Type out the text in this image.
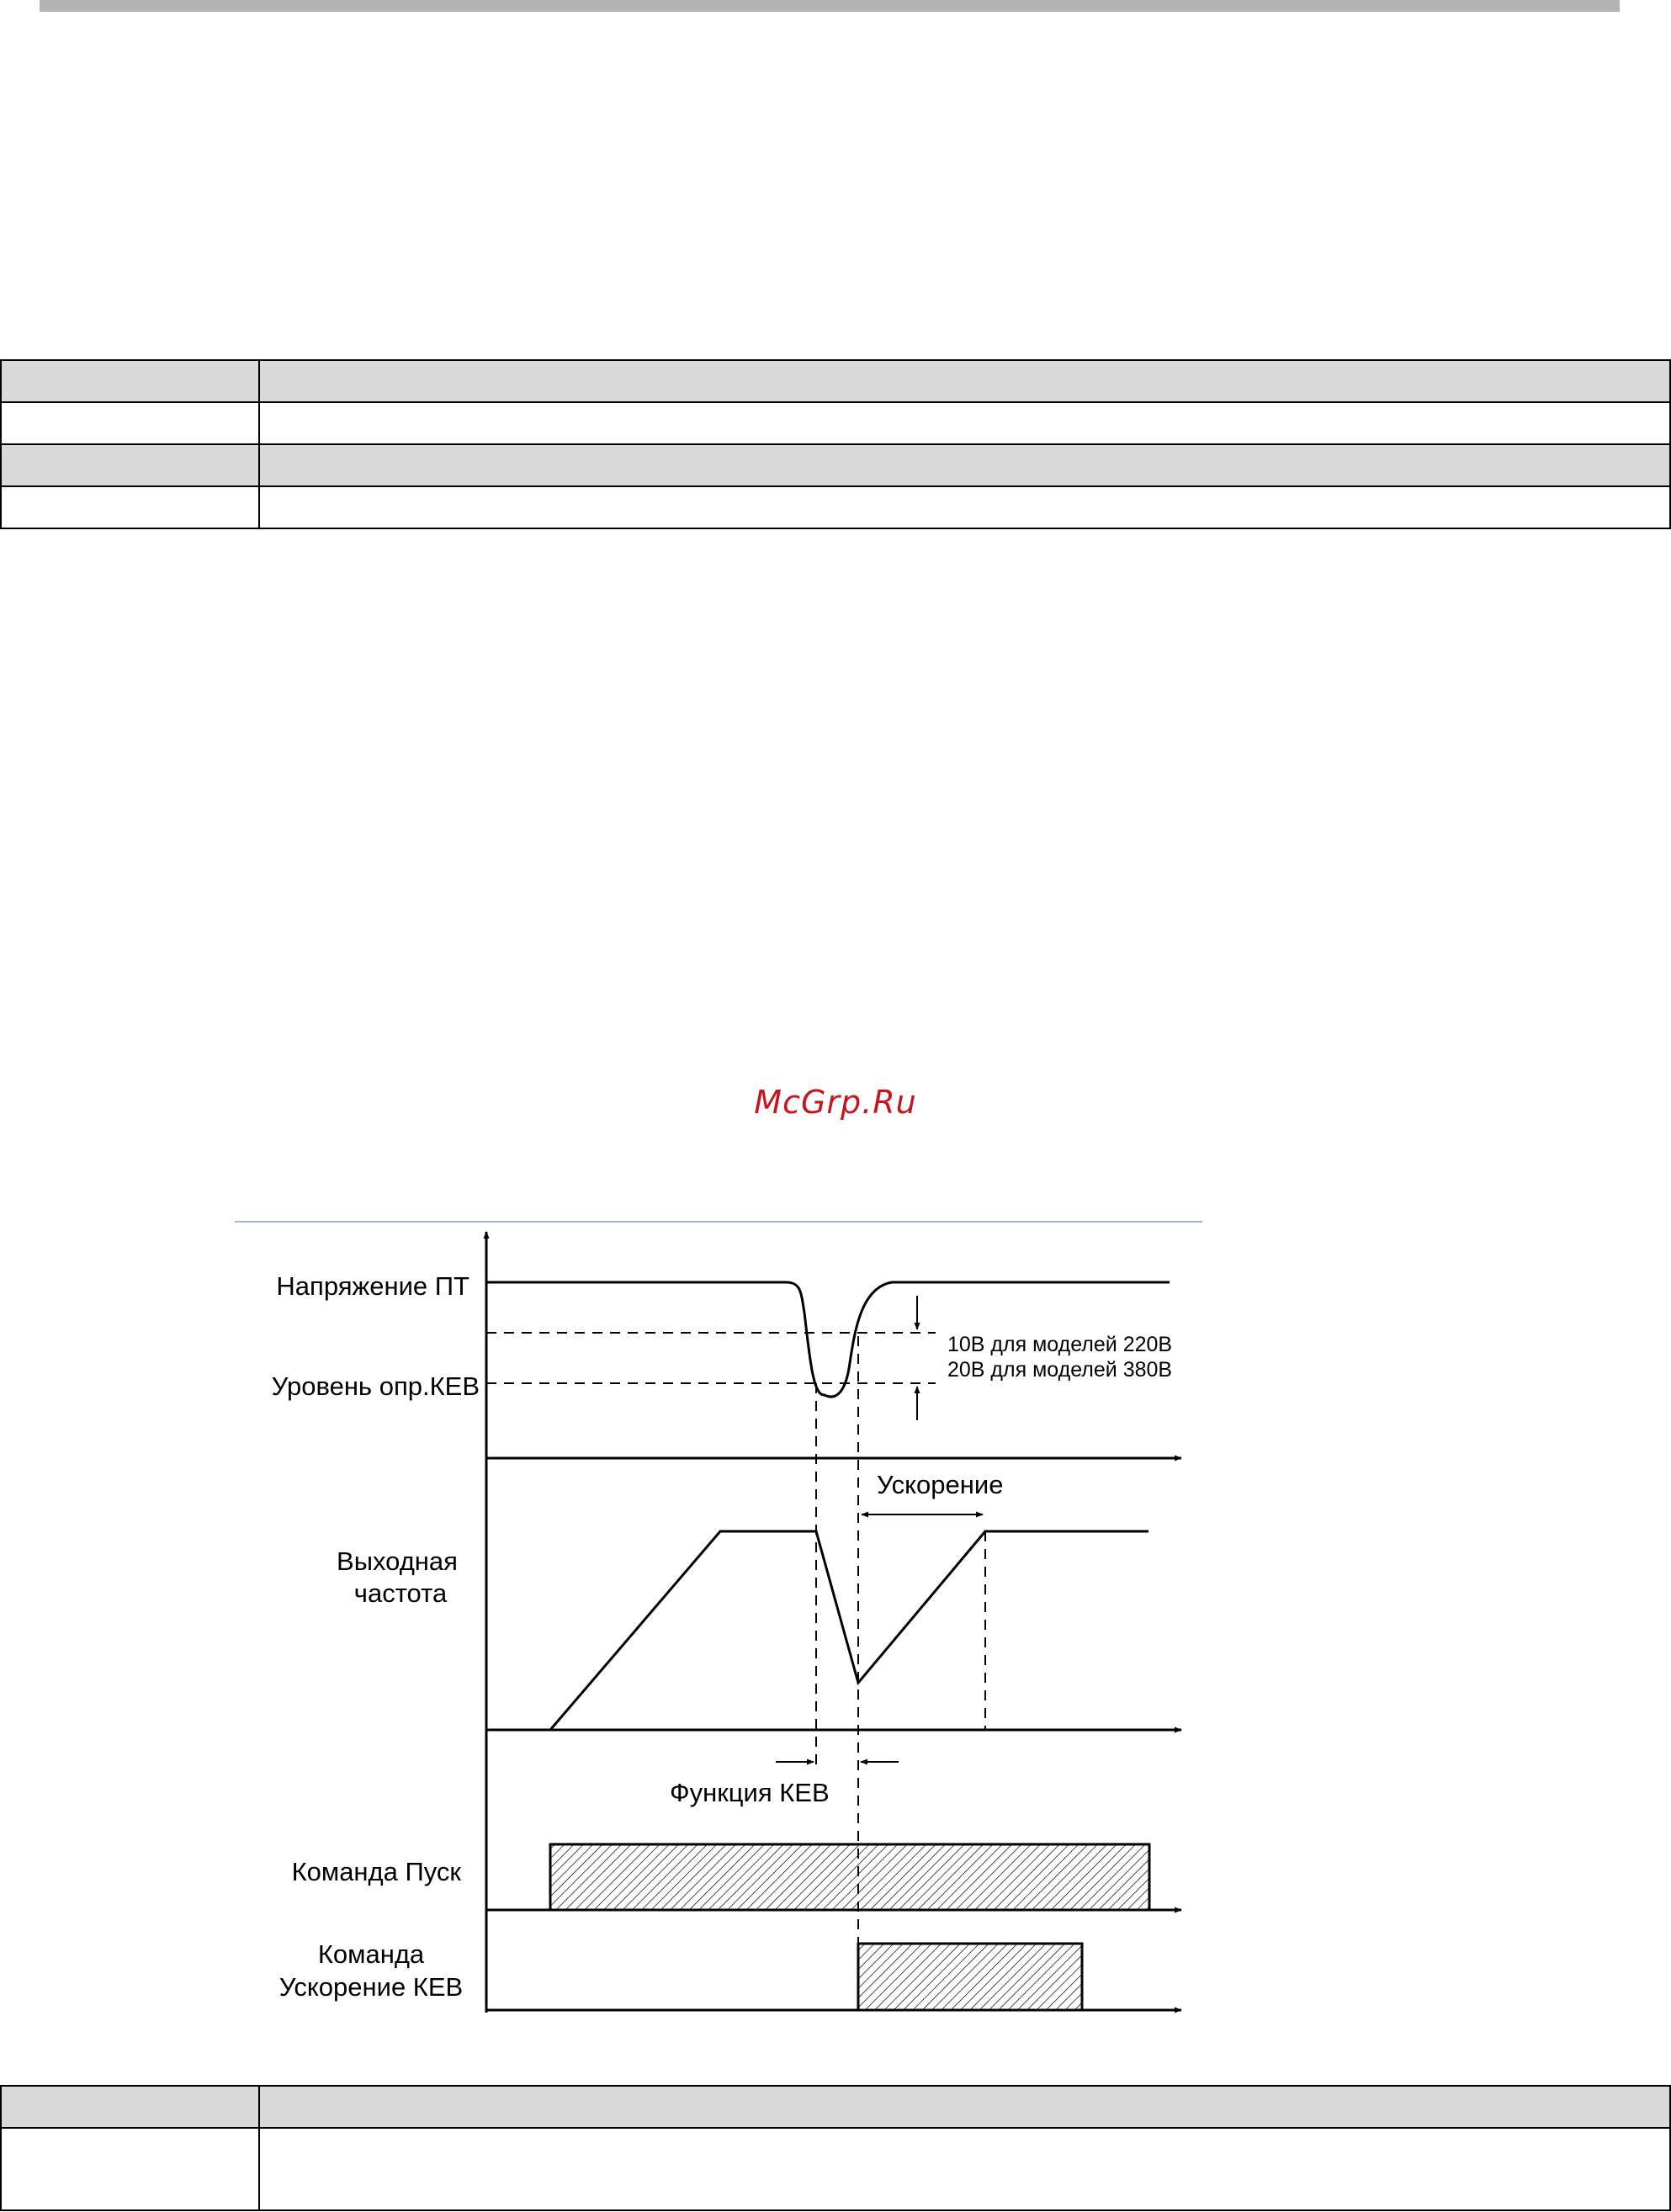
McGrp.Ru
Напряжение ПТ
Уровень опр.КЕВ
10В для моделей 220В
20В для моделей 380В
Ускорение
Выходная
частота
Функция КЕВ
Команда Пуск
Команда
Ускорение КЕВ
